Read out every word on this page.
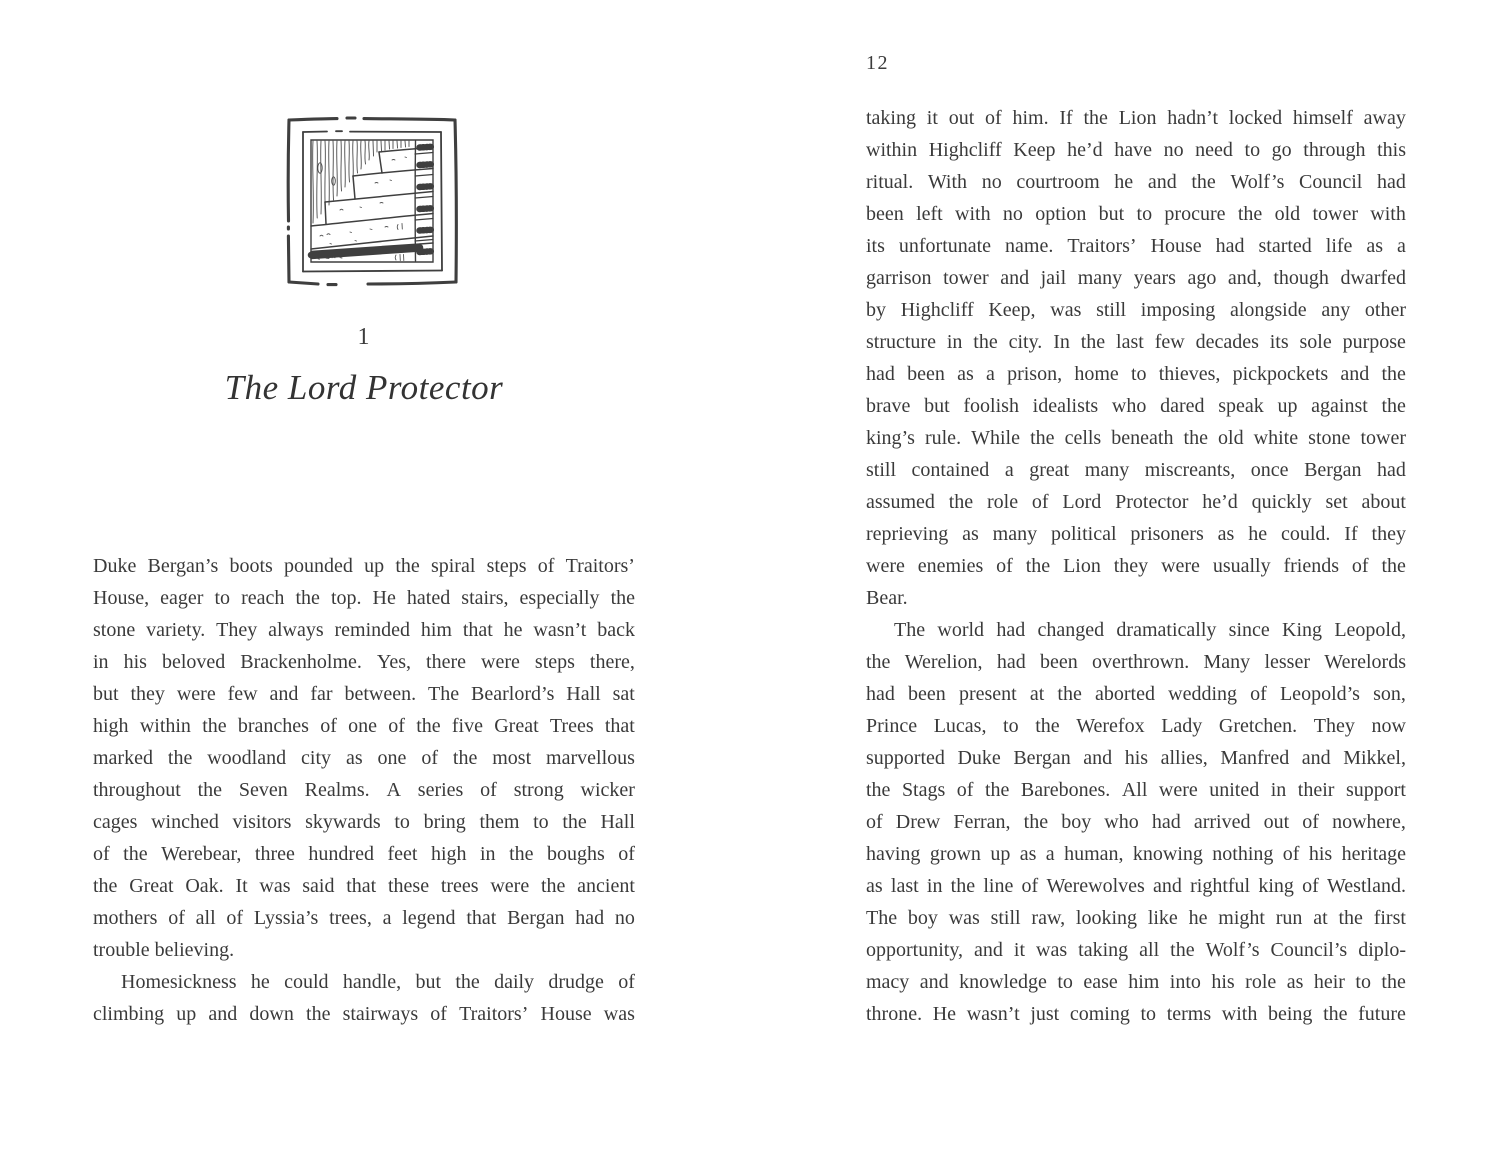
1
The Lord Protector
Duke Bergan’s boots pounded up the spiral steps of Traitors’
House, eager to reach the top. He hated stairs, especially the
stone variety. They always reminded him that he wasn’t back
in his beloved Brackenholme. Yes, there were steps there,
but they were few and far between. The Bearlord’s Hall sat
high within the branches of one of the five Great Trees that
marked the woodland city as one of the most marvellous
throughout the Seven Realms. A series of strong wicker
cages winched visitors skywards to bring them to the Hall
of the Werebear, three hundred feet high in the boughs of
the Great Oak. It was said that these trees were the ancient
mothers of all of Lyssia’s trees, a legend that Bergan had no
trouble believing.
Homesickness he could handle, but the daily drudge of
climbing up and down the stairways of Traitors’ House was
12
taking it out of him. If the Lion hadn’t locked himself away
within Highcliff Keep he’d have no need to go through this
ritual. With no courtroom he and the Wolf’s Council had
been left with no option but to procure the old tower with
its unfortunate name. Traitors’ House had started life as a
garrison tower and jail many years ago and, though dwarfed
by Highcliff Keep, was still imposing alongside any other
structure in the city. In the last few decades its sole purpose
had been as a prison, home to thieves, pickpockets and the
brave but foolish idealists who dared speak up against the
king’s rule. While the cells beneath the old white stone tower
still contained a great many miscreants, once Bergan had
assumed the role of Lord Protector he’d quickly set about
reprieving as many political prisoners as he could. If they
were enemies of the Lion they were usually friends of the
Bear.
The world had changed dramatically since King Leopold,
the Werelion, had been overthrown. Many lesser Werelords
had been present at the aborted wedding of Leopold’s son,
Prince Lucas, to the Werefox Lady Gretchen. They now
supported Duke Bergan and his allies, Manfred and Mikkel,
the Stags of the Barebones. All were united in their support
of Drew Ferran, the boy who had arrived out of nowhere,
having grown up as a human, knowing nothing of his heritage
as last in the line of Werewolves and rightful king of Westland.
The boy was still raw, looking like he might run at the first
opportunity, and it was taking all the Wolf’s Council’s diplo-
macy and knowledge to ease him into his role as heir to the
throne. He wasn’t just coming to terms with being the future
